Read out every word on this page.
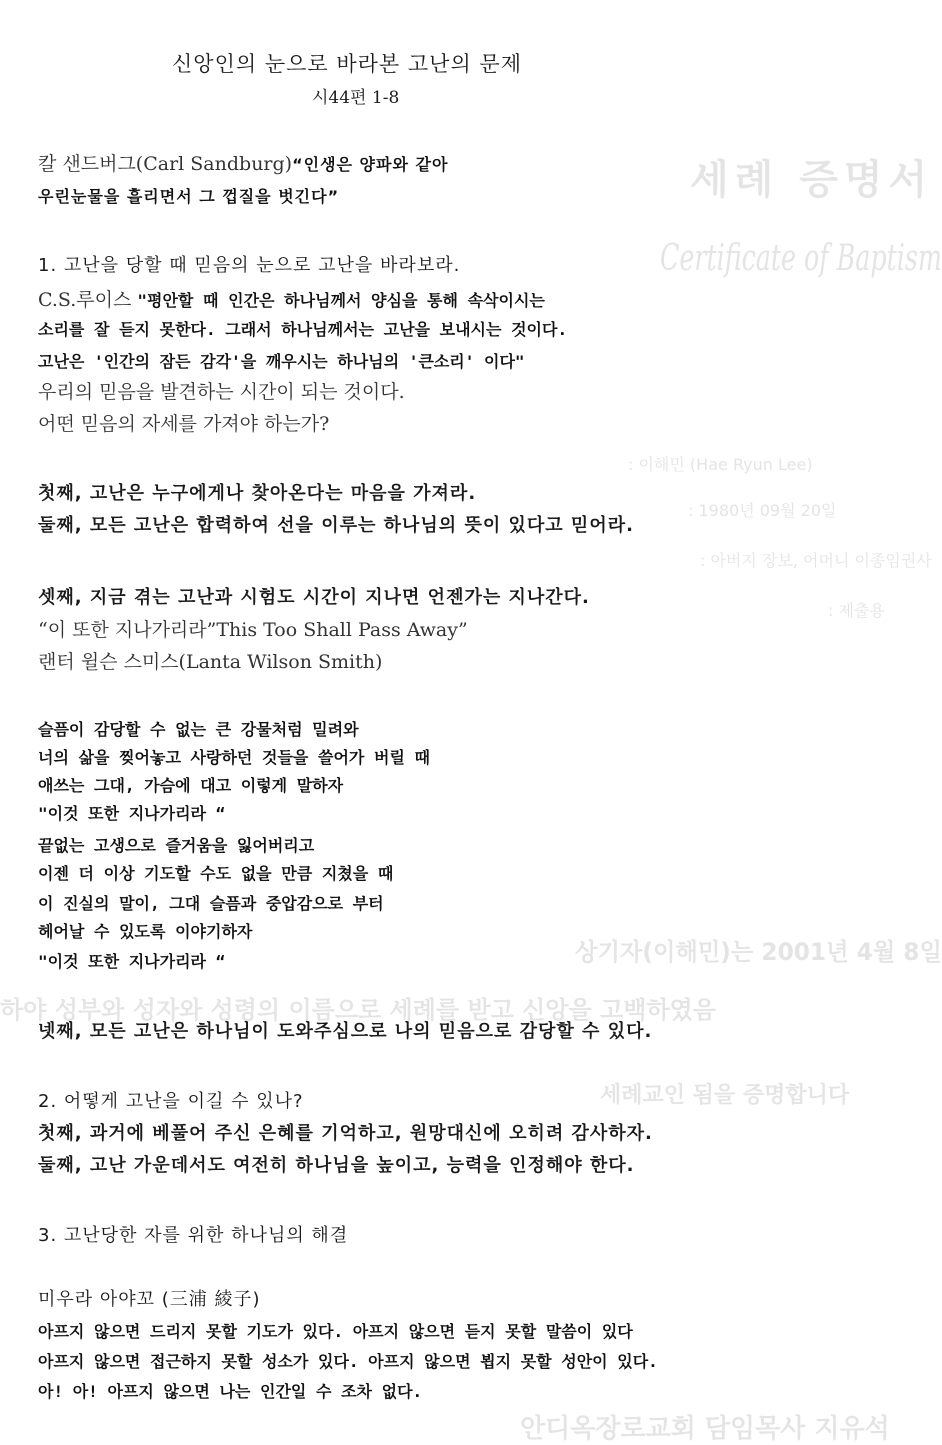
세례 증명서
Certificate of Baptism
: 이해민 (Hae Ryun Lee)
: 1980년 09월 20일
: 아버지 장보, 어머니 이종임권사
: 제출용
상기자(이해민)는 2001년 4월 8일
하야 성부와 성자와 성령의 이름으로 세례를 받고 신앙을 고백하였음
세례교인 됨을 증명합니다
안디옥장로교회 담임목사 지유석
신앙인의 눈으로 바라본 고난의 문제
시44편 1-8
칼 샌드버그(Carl Sandburg)“인생은 양파와 같아
우린눈물을 흘리면서 그 껍질을 벗긴다”
1. 고난을 당할 때 믿음의 눈으로 고난을 바라보라.
C.S.루이스 "평안할 때 인간은 하나님께서 양심을 통해 속삭이시는
소리를 잘 듣지 못한다. 그래서 하나님께서는 고난을 보내시는 것이다.
고난은 '인간의 잠든 감각'을 깨우시는 하나님의 '큰소리' 이다"
우리의 믿음을 발견하는 시간이 되는 것이다.
어떤 믿음의 자세를 가져야 하는가?
첫째, 고난은 누구에게나 찾아온다는 마음을 가져라.
둘째, 모든 고난은 합력하여 선을 이루는 하나님의 뜻이 있다고 믿어라.
셋째, 지금 겪는 고난과 시험도 시간이 지나면 언젠가는 지나간다.
“이 또한 지나가리라”This Too Shall Pass Away”
랜터 윌슨 스미스(Lanta Wilson Smith)
슬픔이 감당할 수 없는 큰 강물처럼 밀려와
너의 삶을 찢어놓고 사랑하던 것들을 쓸어가 버릴 때
애쓰는 그대, 가슴에 대고 이렇게 말하자
"이것 또한 지나가리라 “
끝없는 고생으로 즐거움을 잃어버리고
이젠 더 이상 기도할 수도 없을 만큼 지쳤을 때
이 진실의 말이, 그대 슬픔과 중압감으로 부터
헤어날 수 있도록 이야기하자
"이것 또한 지나가리라 “
넷째, 모든 고난은 하나님이 도와주심으로 나의 믿음으로 감당할 수 있다.
2. 어떻게 고난을 이길 수 있나?
첫째, 과거에 베풀어 주신 은혜를 기억하고, 원망대신에 오히려 감사하자.
둘째, 고난 가운데서도 여전히 하나님을 높이고, 능력을 인정해야 한다.
3. 고난당한 자를 위한 하나님의 해결
미우라 아야꼬 (三浦 綾子)
아프지 않으면 드리지 못할 기도가 있다. 아프지 않으면 듣지 못할 말씀이 있다
아프지 않으면 접근하지 못할 성소가 있다. 아프지 않으면 뵙지 못할 성안이 있다.
아! 아! 아프지 않으면 나는 인간일 수 조차 없다.
